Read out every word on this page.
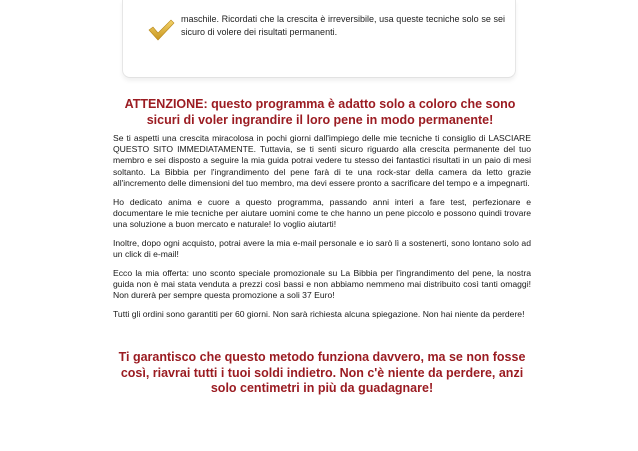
maschile. Ricordati che la crescita è irreversibile, usa queste tecniche solo se sei sicuro di volere dei risultati permanenti.
ATTENZIONE: questo programma è adatto solo a coloro che sono sicuri di voler ingrandire il loro pene in modo permanente!

Se ti aspetti una crescita miracolosa in pochi giorni dall'impiego delle mie tecniche ti consiglio di LASCIARE QUESTO SITO IMMEDIATAMENTE. Tuttavia, se ti senti sicuro riguardo alla crescita permanente del tuo membro e sei disposto a seguire la mia guida potrai vedere tu stesso dei fantastici risultati in un paio di mesi soltanto. La Bibbia per l'ingrandimento del pene farà di te una rock-star della camera da letto grazie all'incremento delle dimensioni del tuo membro, ma devi essere pronto a sacrificare del tempo e a impegnarti.

Ho dedicato anima e cuore a questo programma, passando anni interi a fare test, perfezionare e documentare le mie tecniche per aiutare uomini come te che hanno un pene piccolo e possono quindi trovare una soluzione a buon mercato e naturale! Io voglio aiutarti!

Inoltre, dopo ogni acquisto, potrai avere la mia e-mail personale e io sarò lì a sostenerti, sono lontano solo ad un click di e-mail!

Ecco la mia offerta: uno sconto speciale promozionale su La Bibbia per l'ingrandimento del pene, la nostra guida non è mai stata venduta a prezzi così bassi e non abbiamo nemmeno mai distribuito così tanti omaggi! Non durerà per sempre questa promozione a soli 37 Euro!

Tutti gli ordini sono garantiti per 60 giorni. Non sarà richiesta alcuna spiegazione. Non hai niente da perdere!

Ti garantisco che questo metodo funziona davvero, ma se non fosse così, riavrai tutti i tuoi soldi indietro. Non c'è niente da perdere, anzi solo centimetri in più da guadagnare!
